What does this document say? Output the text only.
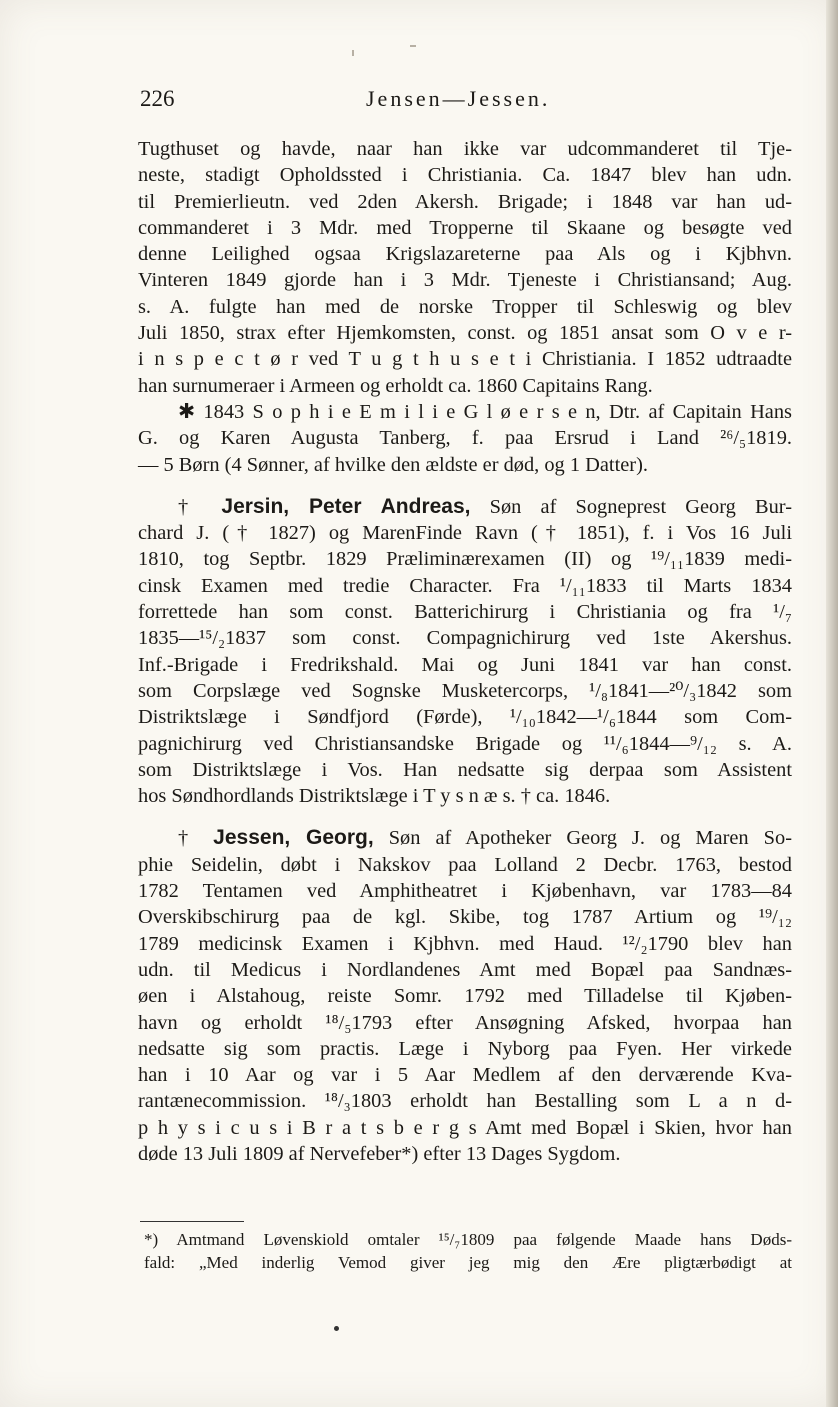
226	Jensen—Jessen.
Tugthuset og havde, naar han ikke var udcommanderet til Tje-
neste, stadigt Opholdssted i Christiania. Ca. 1847 blev han udn.
til Premierlieutn. ved 2den Akersh. Brigade; i 1848 var han ud-
commanderet i 3 Mdr. med Tropperne til Skaane og besøgte ved
denne Leilighed ogsaa Krigslazareterne paa Als og i Kjbhvn.
Vinteren 1849 gjorde han i 3 Mdr. Tjeneste i Christiansand; Aug.
s. A. fulgte han med de norske Tropper til Schleswig og blev
Juli 1850, strax efter Hjemkomsten, const. og 1851 ansat som O v e r-
i n s p e c t ø r ved T u g t h u s e t i Christiania. I 1852 udtraadte
han surnumeraer i Armeen og erholdt ca. 1860 Capitains Rang.
✱ 1843 S o p h i e E m i l i e G l ø e r s e n, Dtr. af Capitain Hans
G. og Karen Augusta Tanberg, f. paa Ersrud i Land ²⁶/₅1819.
— 5 Børn (4 Sønner, af hvilke den ældste er død, og 1 Datter).
† Jersin, Peter Andreas, Søn af Sogneprest Georg Bur-
chard J. († 1827) og MarenFinde Ravn († 1851), f. i Vos 16 Juli
1810, tog Septbr. 1829 Præliminærexamen (II) og ¹⁹/₁₁1839 medi-
cinsk Examen med tredie Character. Fra ¹/₁₁1833 til Marts 1834
forrettede han som const. Batterichirurg i Christiania og fra ¹/₇
1835—¹⁵/₂1837 som const. Compagnichirurg ved 1ste Akershus.
Inf.-Brigade i Fredrikshald. Mai og Juni 1841 var han const.
som Corpslæge ved Sognske Musketercorps, ¹/₈1841—²⁰/₃1842 som
Distriktslæge i Søndfjord (Førde), ¹/₁₀1842—¹/₆1844 som Com-
pagnichirurg ved Christiansandske Brigade og ¹¹/₆1844—⁹/₁₂ s. A.
som Distriktslæge i Vos. Han nedsatte sig derpaa som Assistent
hos Søndhordlands Distriktslæge i T y s n æ s. † ca. 1846.
† Jessen, Georg, Søn af Apotheker Georg J. og Maren So-
phie Seidelin, døbt i Nakskov paa Lolland 2 Decbr. 1763, bestod
1782 Tentamen ved Amphitheatret i Kjøbenhavn, var 1783—84
Overskibschirurg paa de kgl. Skibe, tog 1787 Artium og ¹⁹/₁₂
1789 medicinsk Examen i Kjbhvn. med Haud. ¹²/₂1790 blev han
udn. til Medicus i Nordlandenes Amt med Bopæl paa Sandnæs-
øen i Alstahoug, reiste Somr. 1792 med Tilladelse til Kjøben-
havn og erholdt ¹⁸/₅1793 efter Ansøgning Afsked, hvorpaa han
nedsatte sig som practis. Læge i Nyborg paa Fyen. Her virkede
han i 10 Aar og var i 5 Aar Medlem af den derværende Kva-
rantænecommission. ¹⁸/₃1803 erholdt han Bestalling som L a n d-
p h y s i c u s i B r a t s b e r g s Amt med Bopæl i Skien, hvor han
døde 13 Juli 1809 af Nervefeber*) efter 13 Dages Sygdom.
*) Amtmand Løvenskiold omtaler ¹⁵/₇1809 paa følgende Maade hans Døds-
fald: „Med inderlig Vemod giver jeg mig den Ære pligtærbødigt at
